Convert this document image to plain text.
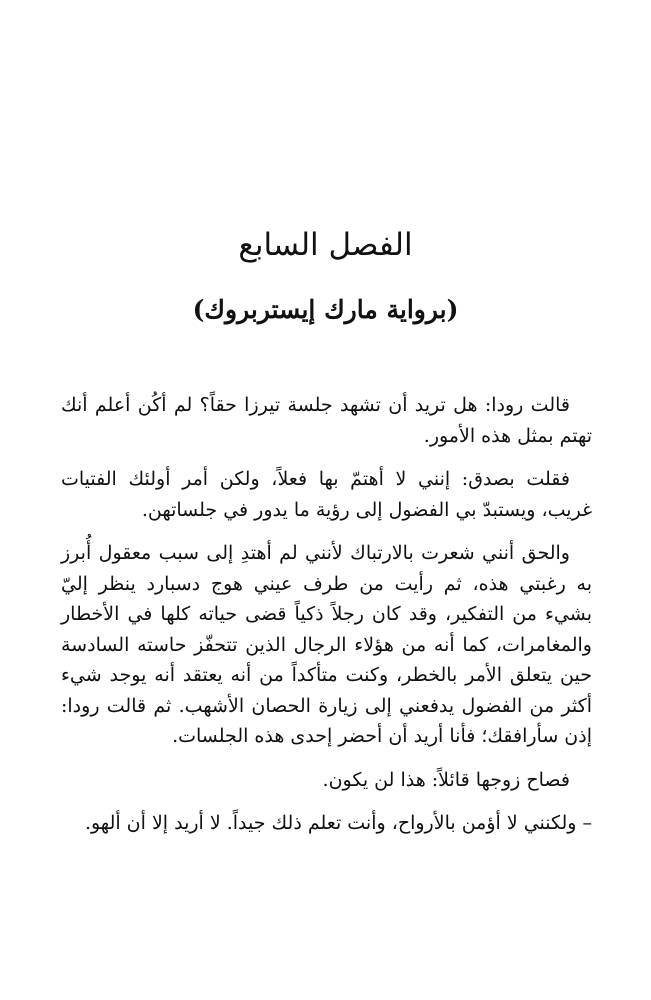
الفصل السابع
(برواية مارك إيستربروك)

قالت رودا: هل تريد أن تشهد جلسة تيرزا حقاً؟ لم أكُن أعلم أنك تهتم بمثل هذه الأمور.

فقلت بصدق: إنني لا أهتمّ بها فعلاً، ولكن أمر أولئك الفتيات غريب، ويستبدّ بي الفضول إلى رؤية ما يدور في جلساتهن.

والحق أنني شعرت بالارتباك لأنني لم أهتدِ إلى سبب معقول أُبرز به رغبتي هذه، ثم رأيت من طرف عيني هوج دسبارد ينظر إليّ بشيء من التفكير، وقد كان رجلاً ذكياً قضى حياته كلها في الأخطار والمغامرات، كما أنه من هؤلاء الرجال الذين تتحفّز حاسته السادسة حين يتعلق الأمر بالخطر، وكنت متأكداً من أنه يعتقد أنه يوجد شيء أكثر من الفضول يدفعني إلى زيارة الحصان الأشهب. ثم قالت رودا: إذن سأرافقك؛ فأنا أريد أن أحضر إحدى هذه الجلسات.

فصاح زوجها قائلاً: هذا لن يكون.

– ولكنني لا أؤمن بالأرواح، وأنت تعلم ذلك جيداً. لا أريد إلا أن ألهو.
